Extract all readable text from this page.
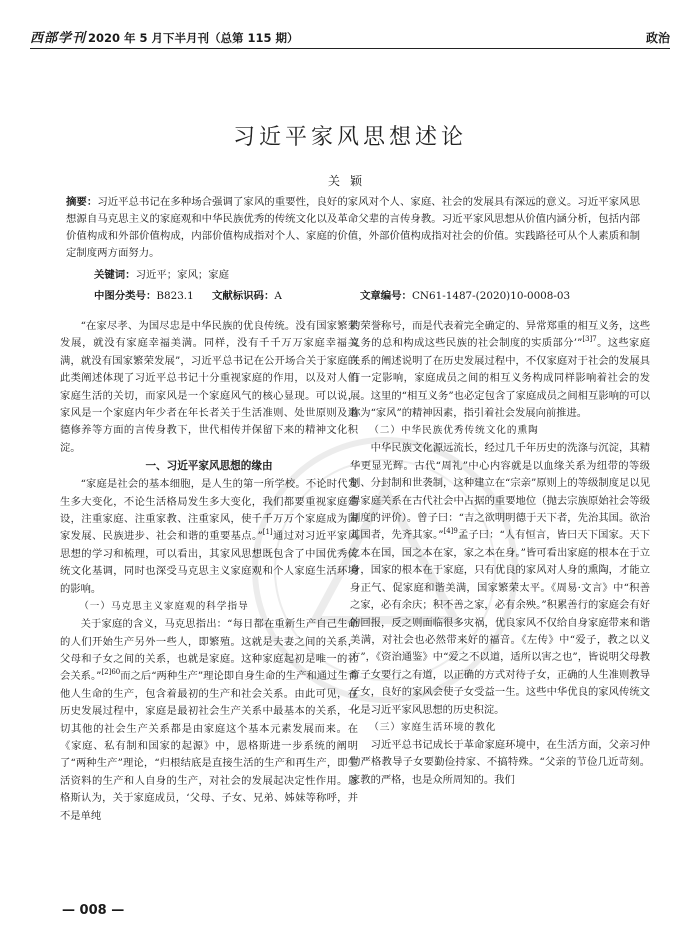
西部学刊 2020 年 5 月下半月刊（总第 115 期）	政治
习近平家风思想述论
关颖
摘要：习近平总书记在多种场合强调了家风的重要性，良好的家风对个人、家庭、社会的发展具有深远的意义。习近平家风思想源自马克思主义的家庭观和中华民族优秀的传统文化以及革命父辈的言传身教。习近平家风思想从价值内涵分析，包括内部价值构成和外部价值构成，内部价值构成指对个人、家庭的价值，外部价值构成指对社会的价值。实践路径可从个人素质和制定制度两方面努力。
关键词：习近平；家风；家庭
中图分类号：B823.1	文献标识码：A	文章编号：CN61-1487-(2020)10-0008-03

“在家尽孝、为国尽忠是中华民族的优良传统。没有国家繁荣发展，就没有家庭幸福美满。同样，没有千千万万家庭幸福美满，就没有国家繁荣发展”，习近平总书记在公开场合关于家庭的此类阐述体现了习近平总书记十分重视家庭的作用，以及对人们家庭生活的关切，而家风是一个家庭风气的核心显现。可以说，家风是一个家庭内年少者在年长者关于生活准则、处世原则及道德修养等方面的言传身教下，世代相传并保留下来的精神文化积淀。

一、习近平家风思想的缘由

“家庭是社会的基本细胞，是人生的第一所学校。不论时代发生多大变化，不论生活格局发生多大变化，我们都要重视家庭建设，注重家庭、注重家教、注重家风，使千千万万个家庭成为国家发展、民族进步、社会和谐的重要基点。”[1]通过对习近平家风思想的学习和梳理，可以看出，其家风思想既包含了中国优秀传统文化基调，同时也深受马克思主义家庭观和个人家庭生活环境的影响。

（一）马克思主义家庭观的科学指导

关于家庭的含义，马克思指出：“每日都在重新生产自己生命的人们开始生产另外一些人，即繁殖。这就是夫妻之间的关系，父母和子女之间的关系，也就是家庭。这种家庭起初是唯一的社会关系。”$^{[2]60}$而之后“两种生产”理论即自身生命的生产和通过生育他人生命的生产，包含着最初的生产和社会关系。由此可见，在历史发展过程中，家庭是最初社会生产关系中最基本的关系，一切其他的社会生产关系都是由家庭这个基本元素发展而来。在《家庭、私有制和国家的起源》中，恩格斯进一步系统的阐明了“两种生产”理论，“归根结底是直接生活的生产和再生产，即生活资料的生产和人自身的生产，对社会的发展起决定性作用。恩格斯认为，关于家庭成员，‘父母、子女、兄弟、姊妹等称呼，并不是单纯

的荣誉称号，而是代表着完全确定的、异常郑重的相互义务，这些义务的总和构成这些民族的社会制度的实质部分’”$^{[3]7}$。这些家庭关系的阐述说明了在历史发展过程中，不仅家庭对于社会的发展具有一定影响，家庭成员之间的相互义务构成同样影响着社会的发展。这里的“相互义务”也必定包含了家庭成员之间相互影响的可以称为“家风”的精神因素，指引着社会发展向前推进。

（二）中华民族优秀传统文化的熏陶

中华民族文化源远流长，经过几千年历史的洗涤与沉淀，其精华更显光辉。古代“周礼”中心内容就是以血缘关系为纽带的等级制、分封制和世袭制，这种建立在“宗亲”原则上的等级制度足以见得家庭关系在古代社会中占据的重要地位（抛去宗族原始社会等级制度的评价）。曾子曰：“吉之欲明明德于天下者，先治其国。欲治其国者，先齐其家。”$^{[4]9}$孟子曰：“人有恒言，皆曰天下国家。天下之本在国，国之本在家，家之本在身。”皆可看出家庭的根本在于立身，国家的根本在于家庭，只有优良的家风对人身的熏陶，才能立身正气、促家庭和谐美满，国家繁荣太平。《周易·文言》中“积善之家，必有余庆；积不善之家，必有余殃。”积累善行的家庭会有好的回报，反之则面临很多灾祸，优良家风不仅给自身家庭带来和谐美满，对社会也必然带来好的福音。《左传》中“爱子，教之以义方”，《资治通鉴》中“爱之不以道，适所以害之也”，皆说明父母教育子女要行之有道，以正确的方式对待子女，正确的人生准则教导子女，良好的家风会使子女受益一生。这些中华优良的家风传统文化是习近平家风思想的历史积淀。

（三）家庭生活环境的教化

习近平总书记成长于革命家庭环境中，在生活方面，父亲习仲勋严格教导子女要勤俭持家、不搞特殊。“父亲的节俭几近苛刻。家教的严格，也是众所周知的。我们

— 008 —
